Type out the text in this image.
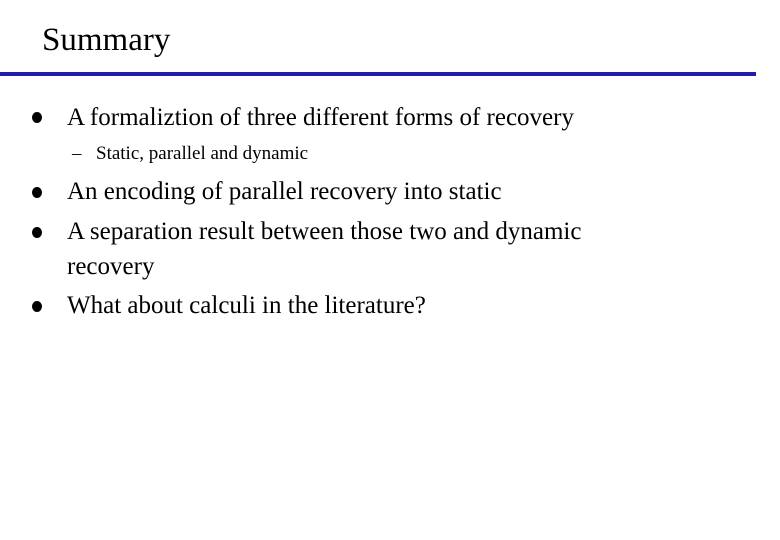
Summary
A formaliztion of three different forms of recovery
– Static, parallel and dynamic
An encoding of parallel recovery into static
A separation result between those two and dynamic recovery
What about calculi in the literature?
